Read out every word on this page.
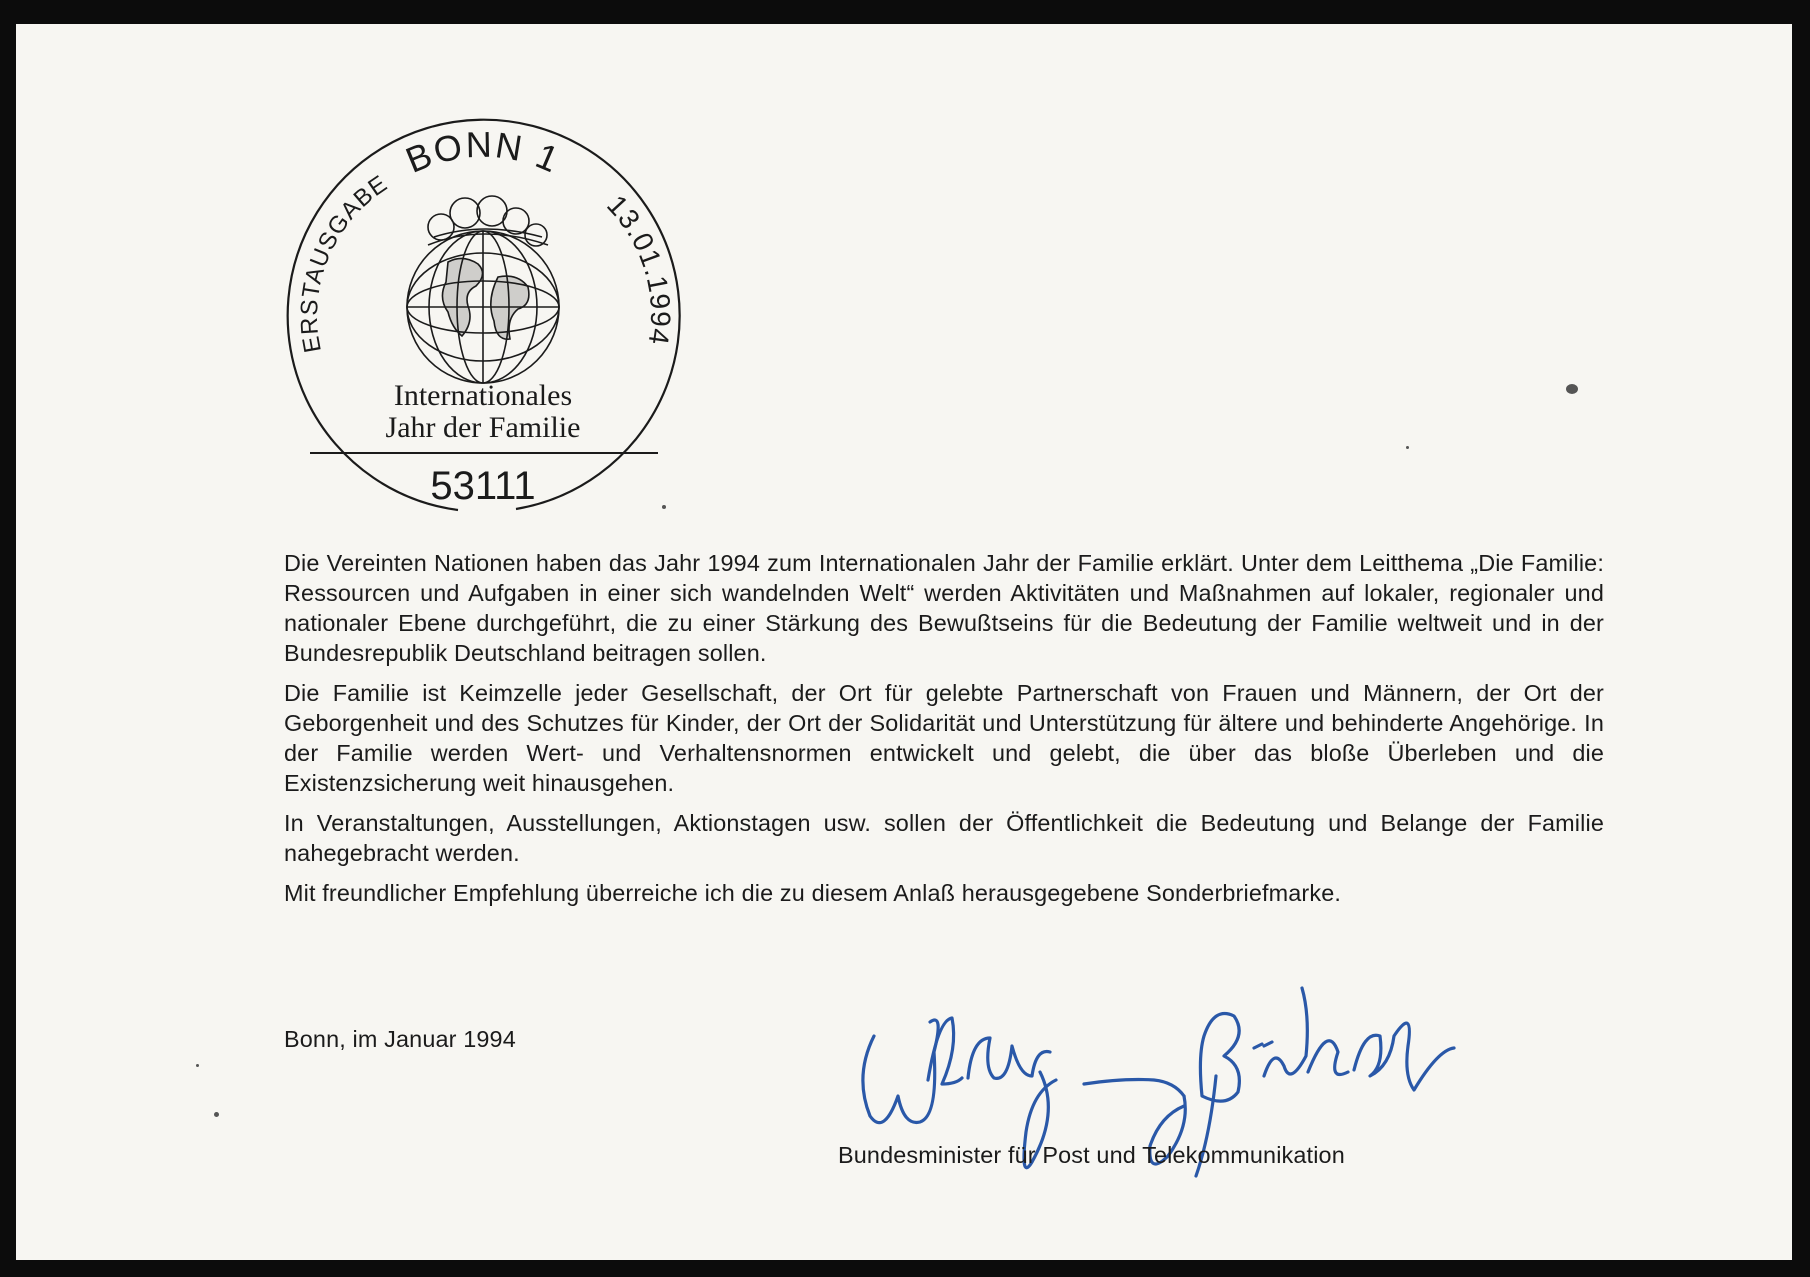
BONN 1
ERSTAUSGABE
13.01.1994
Internationales
Jahr der Familie
53111

Die Vereinten Nationen haben das Jahr 1994 zum Internationalen Jahr der Familie erklärt. Unter dem Leitthema „Die Familie: Ressourcen und Aufgaben in einer sich wandelnden Welt“ werden Aktivitäten und Maßnahmen auf lokaler, regionaler und nationaler Ebene durchgeführt, die zu einer Stärkung des Bewußtseins für die Bedeutung der Familie weltweit und in der Bundesrepublik Deutschland beitragen sollen.

Die Familie ist Keimzelle jeder Gesellschaft, der Ort für gelebte Partnerschaft von Frauen und Männern, der Ort der Geborgenheit und des Schutzes für Kinder, der Ort der Solidarität und Unterstützung für ältere und behinderte Angehörige. In der Familie werden Wert- und Verhaltensnormen entwickelt und gelebt, die über das bloße Überleben und die Existenzsicherung weit hinausgehen.

In Veranstaltungen, Ausstellungen, Aktionstagen usw. sollen der Öffentlichkeit die Bedeutung und Belange der Familie nahegebracht werden.

Mit freundlicher Empfehlung überreiche ich die zu diesem Anlaß herausgegebene Sonderbriefmarke.

Bonn, im Januar 1994
Bundesminister für Post und Telekommunikation
